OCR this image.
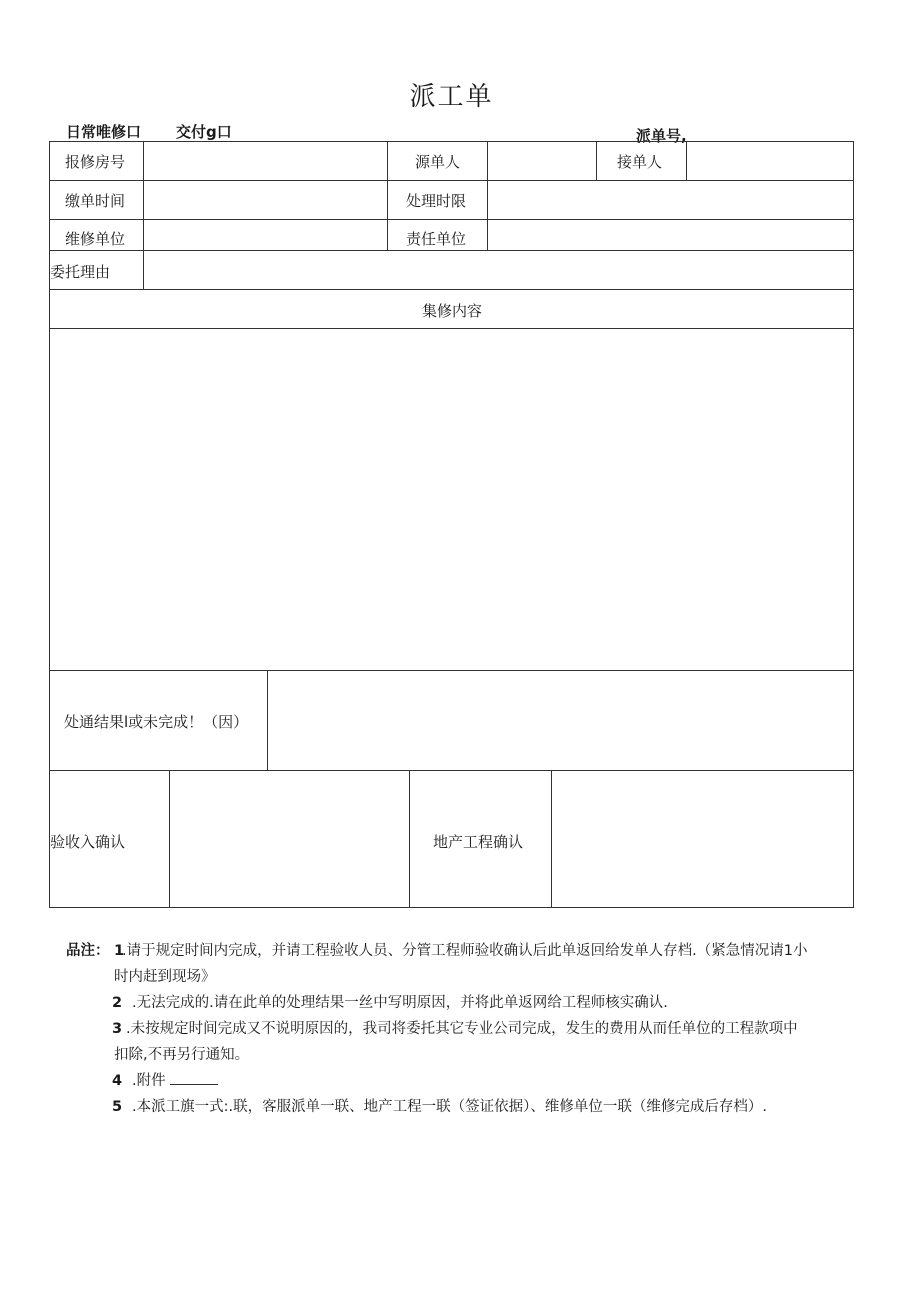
派工单
日常唯修口 交付g口	派单号,
报修房号	源单人	接单人
缴单时间	处理时限
维修单位	责任单位
委托理由
集修内容
处通结果l或未完成！（因）
验收入确认	地产工程确认
品注： 1
.请于规定时间内完成，并请工程验收人员、分管工程师验收确认后此单返回给发单人存档.（紧急情况请1小
时内赶到现场》
2 .无法完成的.请在此单的处理结果一丝中写明原因，并将此单返网给工程师核实确认.
3 .未按规定时间完成又不说明原因的，我司将委托其它专业公司完成，发生的费用从而任单位的工程款项中
扣除,不再另行通知。
4 .附件
5 .本派工旗一式:.联，客服派单一联、地产工程一联（签证依据）、维修单位一联（维修完成后存档）.
